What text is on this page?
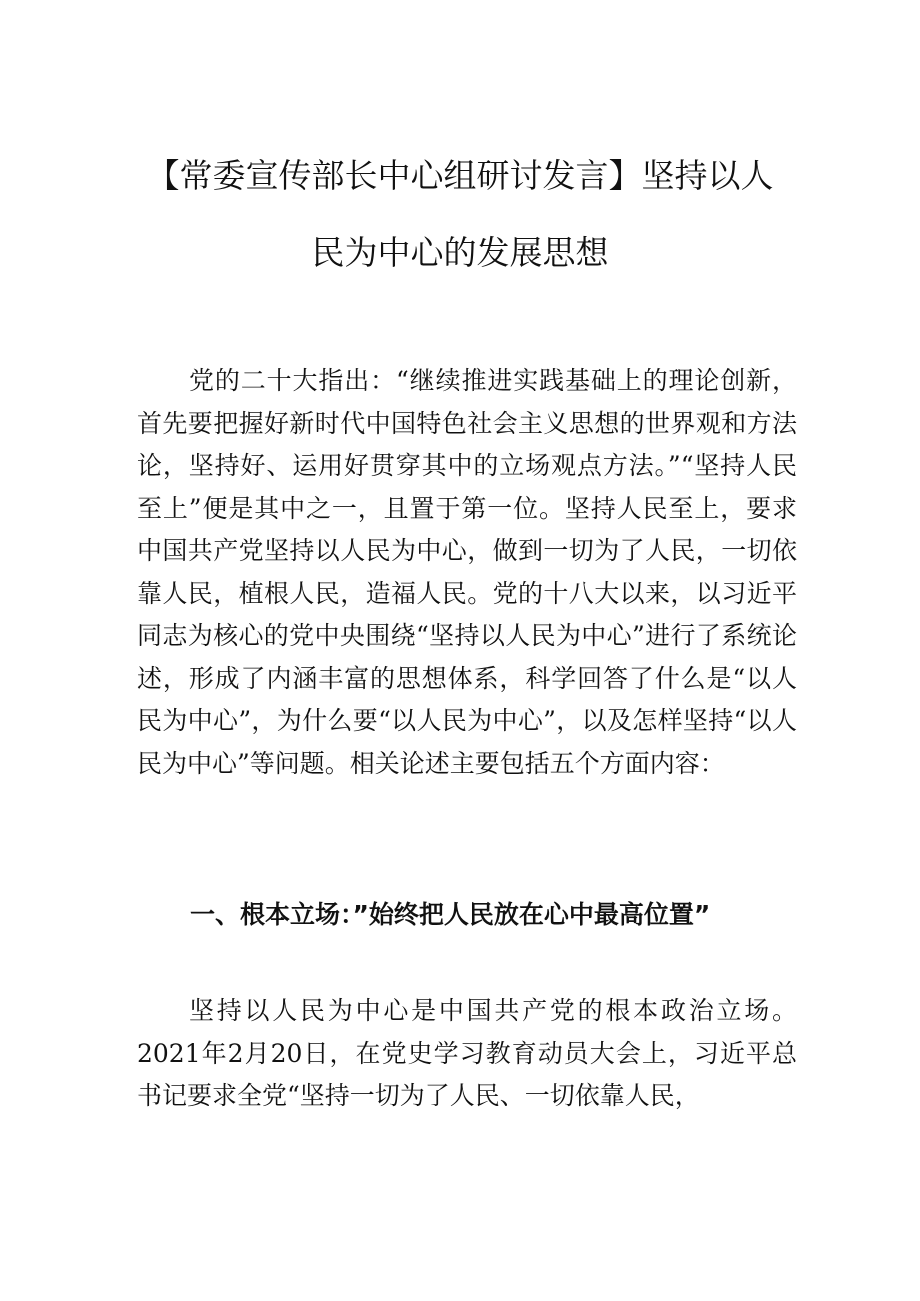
【常委宣传部长中心组研讨发言】坚持以人
民为中心的发展思想

党的二十大指出：“继续推进实践基础上的理论创新，首先要把握好新时代中国特色社会主义思想的世界观和方法论，坚持好、运用好贯穿其中的立场观点方法。”“坚持人民至上”便是其中之一，且置于第一位。坚持人民至上，要求中国共产党坚持以人民为中心，做到一切为了人民，一切依靠人民，植根人民，造福人民。党的十八大以来，以习近平同志为核心的党中央围绕“坚持以人民为中心”进行了系统论述，形成了内涵丰富的思想体系，科学回答了什么是“以人民为中心”，为什么要“以人民为中心”，以及怎样坚持“以人民为中心”等问题。相关论述主要包括五个方面内容：

一、根本立场：”始终把人民放在心中最高位置”

坚持以人民为中心是中国共产党的根本政治立场。2021年2月20日，在党史学习教育动员大会上，习近平总书记要求全党“坚持一切为了人民、一切依靠人民，
